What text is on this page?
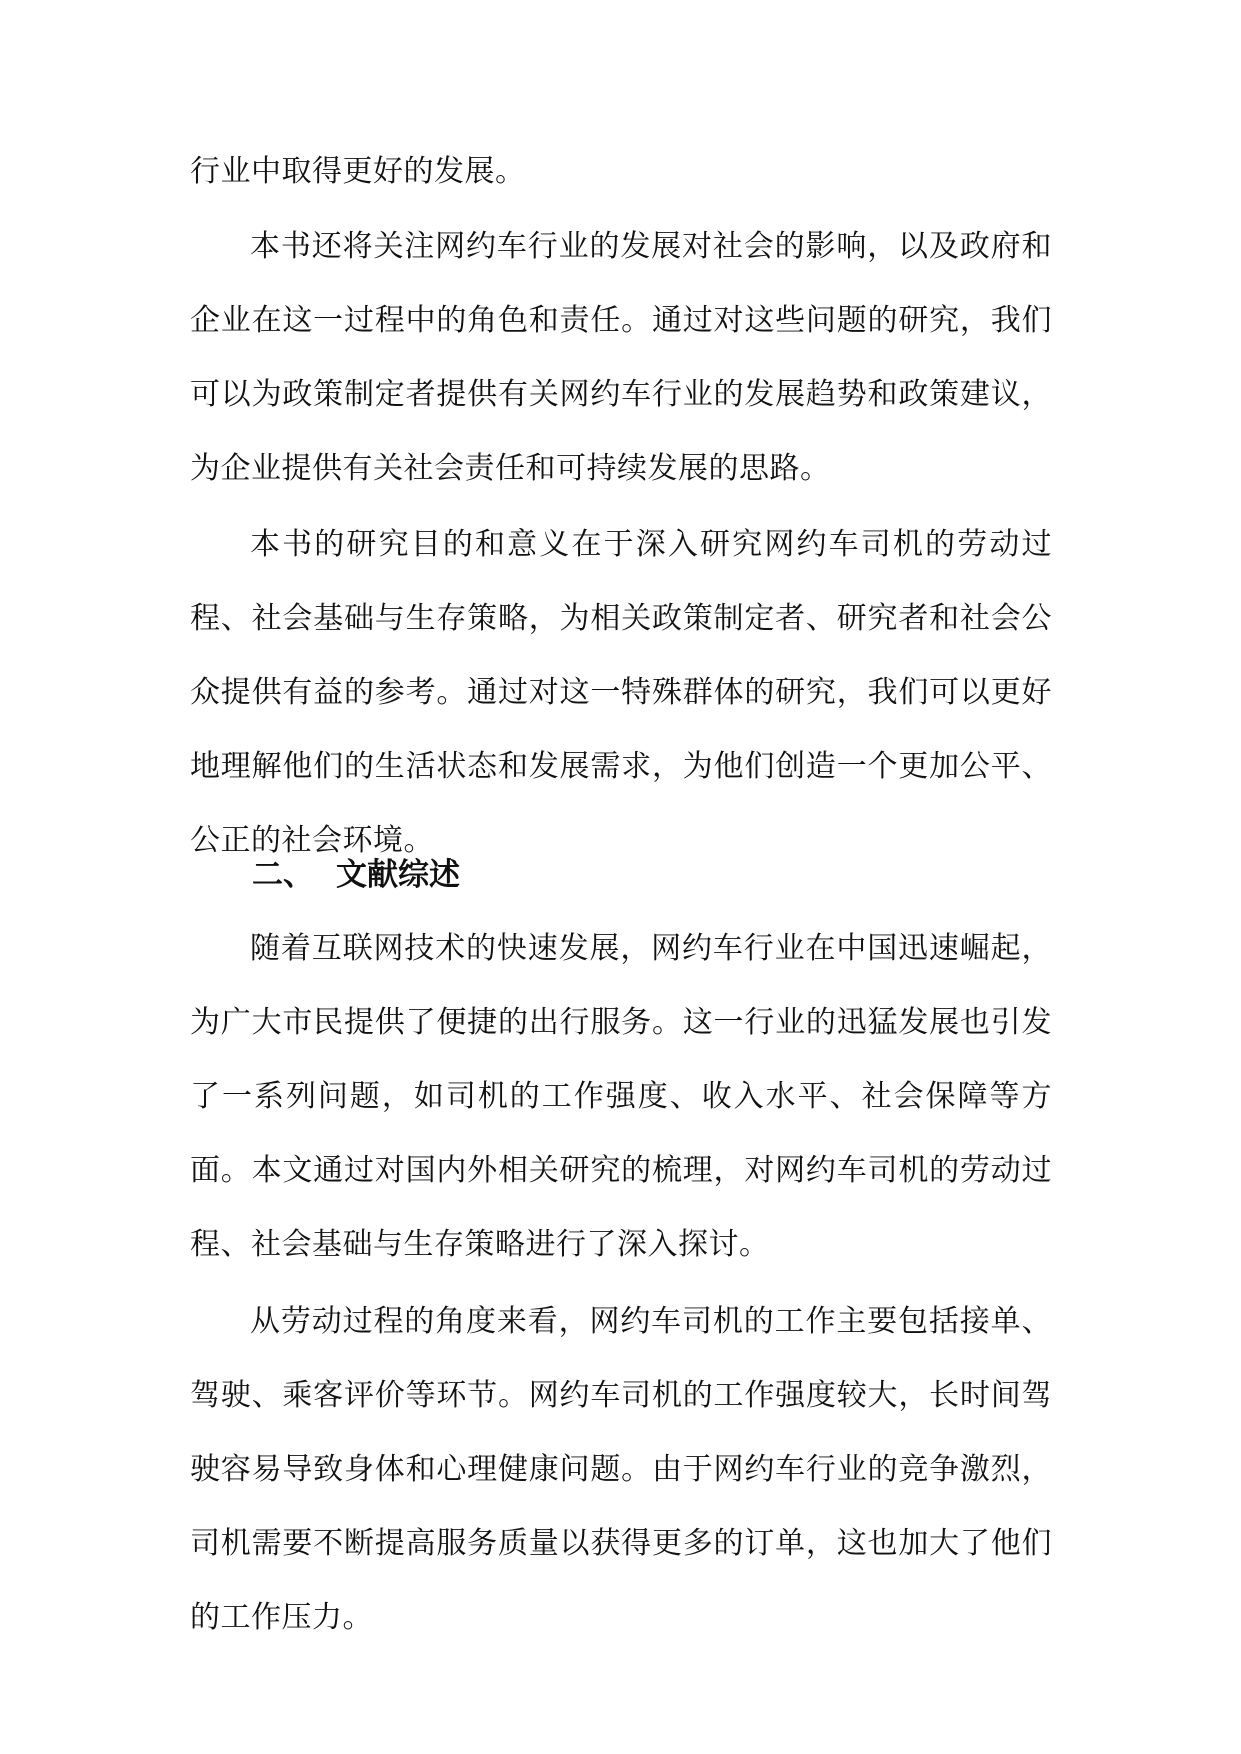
行业中取得更好的发展。

本书还将关注网约车行业的发展对社会的影响，以及政府和企业在这一过程中的角色和责任。通过对这些问题的研究，我们可以为政策制定者提供有关网约车行业的发展趋势和政策建议，为企业提供有关社会责任和可持续发展的思路。

本书的研究目的和意义在于深入研究网约车司机的劳动过程、社会基础与生存策略，为相关政策制定者、研究者和社会公众提供有益的参考。通过对这一特殊群体的研究，我们可以更好地理解他们的生活状态和发展需求，为他们创造一个更加公平、公正的社会环境。

二、 文献综述

随着互联网技术的快速发展，网约车行业在中国迅速崛起，为广大市民提供了便捷的出行服务。这一行业的迅猛发展也引发了一系列问题，如司机的工作强度、收入水平、社会保障等方面。本文通过对国内外相关研究的梳理，对网约车司机的劳动过程、社会基础与生存策略进行了深入探讨。

从劳动过程的角度来看，网约车司机的工作主要包括接单、驾驶、乘客评价等环节。网约车司机的工作强度较大，长时间驾驶容易导致身体和心理健康问题。由于网约车行业的竞争激烈，司机需要不断提高服务质量以获得更多的订单，这也加大了他们的工作压力。
